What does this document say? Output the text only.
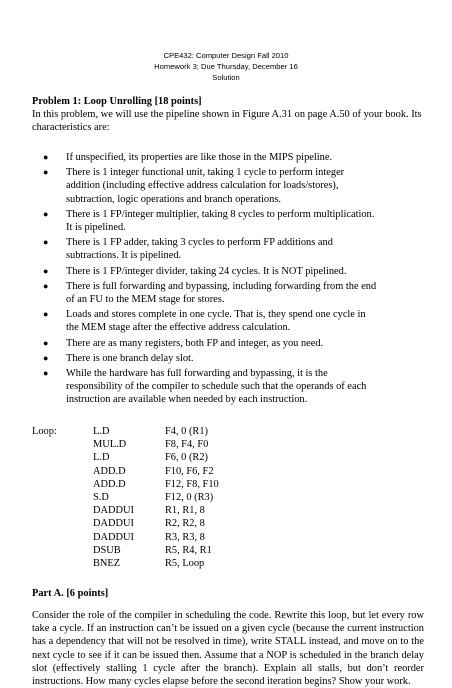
CPE432: Computer Design Fall 2010
Homework 3; Due Thursday, December 16
Solution
Problem 1: Loop Unrolling [18 points]
In this problem, we will use the pipeline shown in Figure A.31 on page A.50 of your book. Its characteristics are:
● If unspecified, its properties are like those in the MIPS pipeline.
● There is 1 integer functional unit, taking 1 cycle to perform integer addition (including effective address calculation for loads/stores), subtraction, logic operations and branch operations.
● There is 1 FP/integer multiplier, taking 8 cycles to perform multiplication. It is pipelined.
● There is 1 FP adder, taking 3 cycles to perform FP additions and subtractions. It is pipelined.
● There is 1 FP/integer divider, taking 24 cycles. It is NOT pipelined.
● There is full forwarding and bypassing, including forwarding from the end of an FU to the MEM stage for stores.
● Loads and stores complete in one cycle. That is, they spend one cycle in the MEM stage after the effective address calculation.
● There are as many registers, both FP and integer, as you need.
● There is one branch delay slot.
● While the hardware has full forwarding and bypassing, it is the responsibility of the compiler to schedule such that the operands of each instruction are available when needed by each instruction.
Loop:	L.D	F4, 0 (R1)
MUL.D	F8, F4, F0
L.D	F6, 0 (R2)
ADD.D	F10, F6, F2
ADD.D	F12, F8, F10
S.D	F12, 0 (R3)
DADDUI	R1, R1, 8
DADDUI	R2, R2, 8
DADDUI	R3, R3, 8
DSUB	R5, R4, R1
BNEZ	R5, Loop
Part A. [6 points]
Consider the role of the compiler in scheduling the code. Rewrite this loop, but let every row take a cycle. If an instruction can’t be issued on a given cycle (because the current instruction has a dependency that will not be resolved in time), write STALL instead, and move on to the next cycle to see if it can be issued then. Assume that a NOP is scheduled in the branch delay slot (effectively stalling 1 cycle after the branch). Explain all stalls, but don’t reorder instructions. How many cycles elapse before the second iteration begins? Show your work.
